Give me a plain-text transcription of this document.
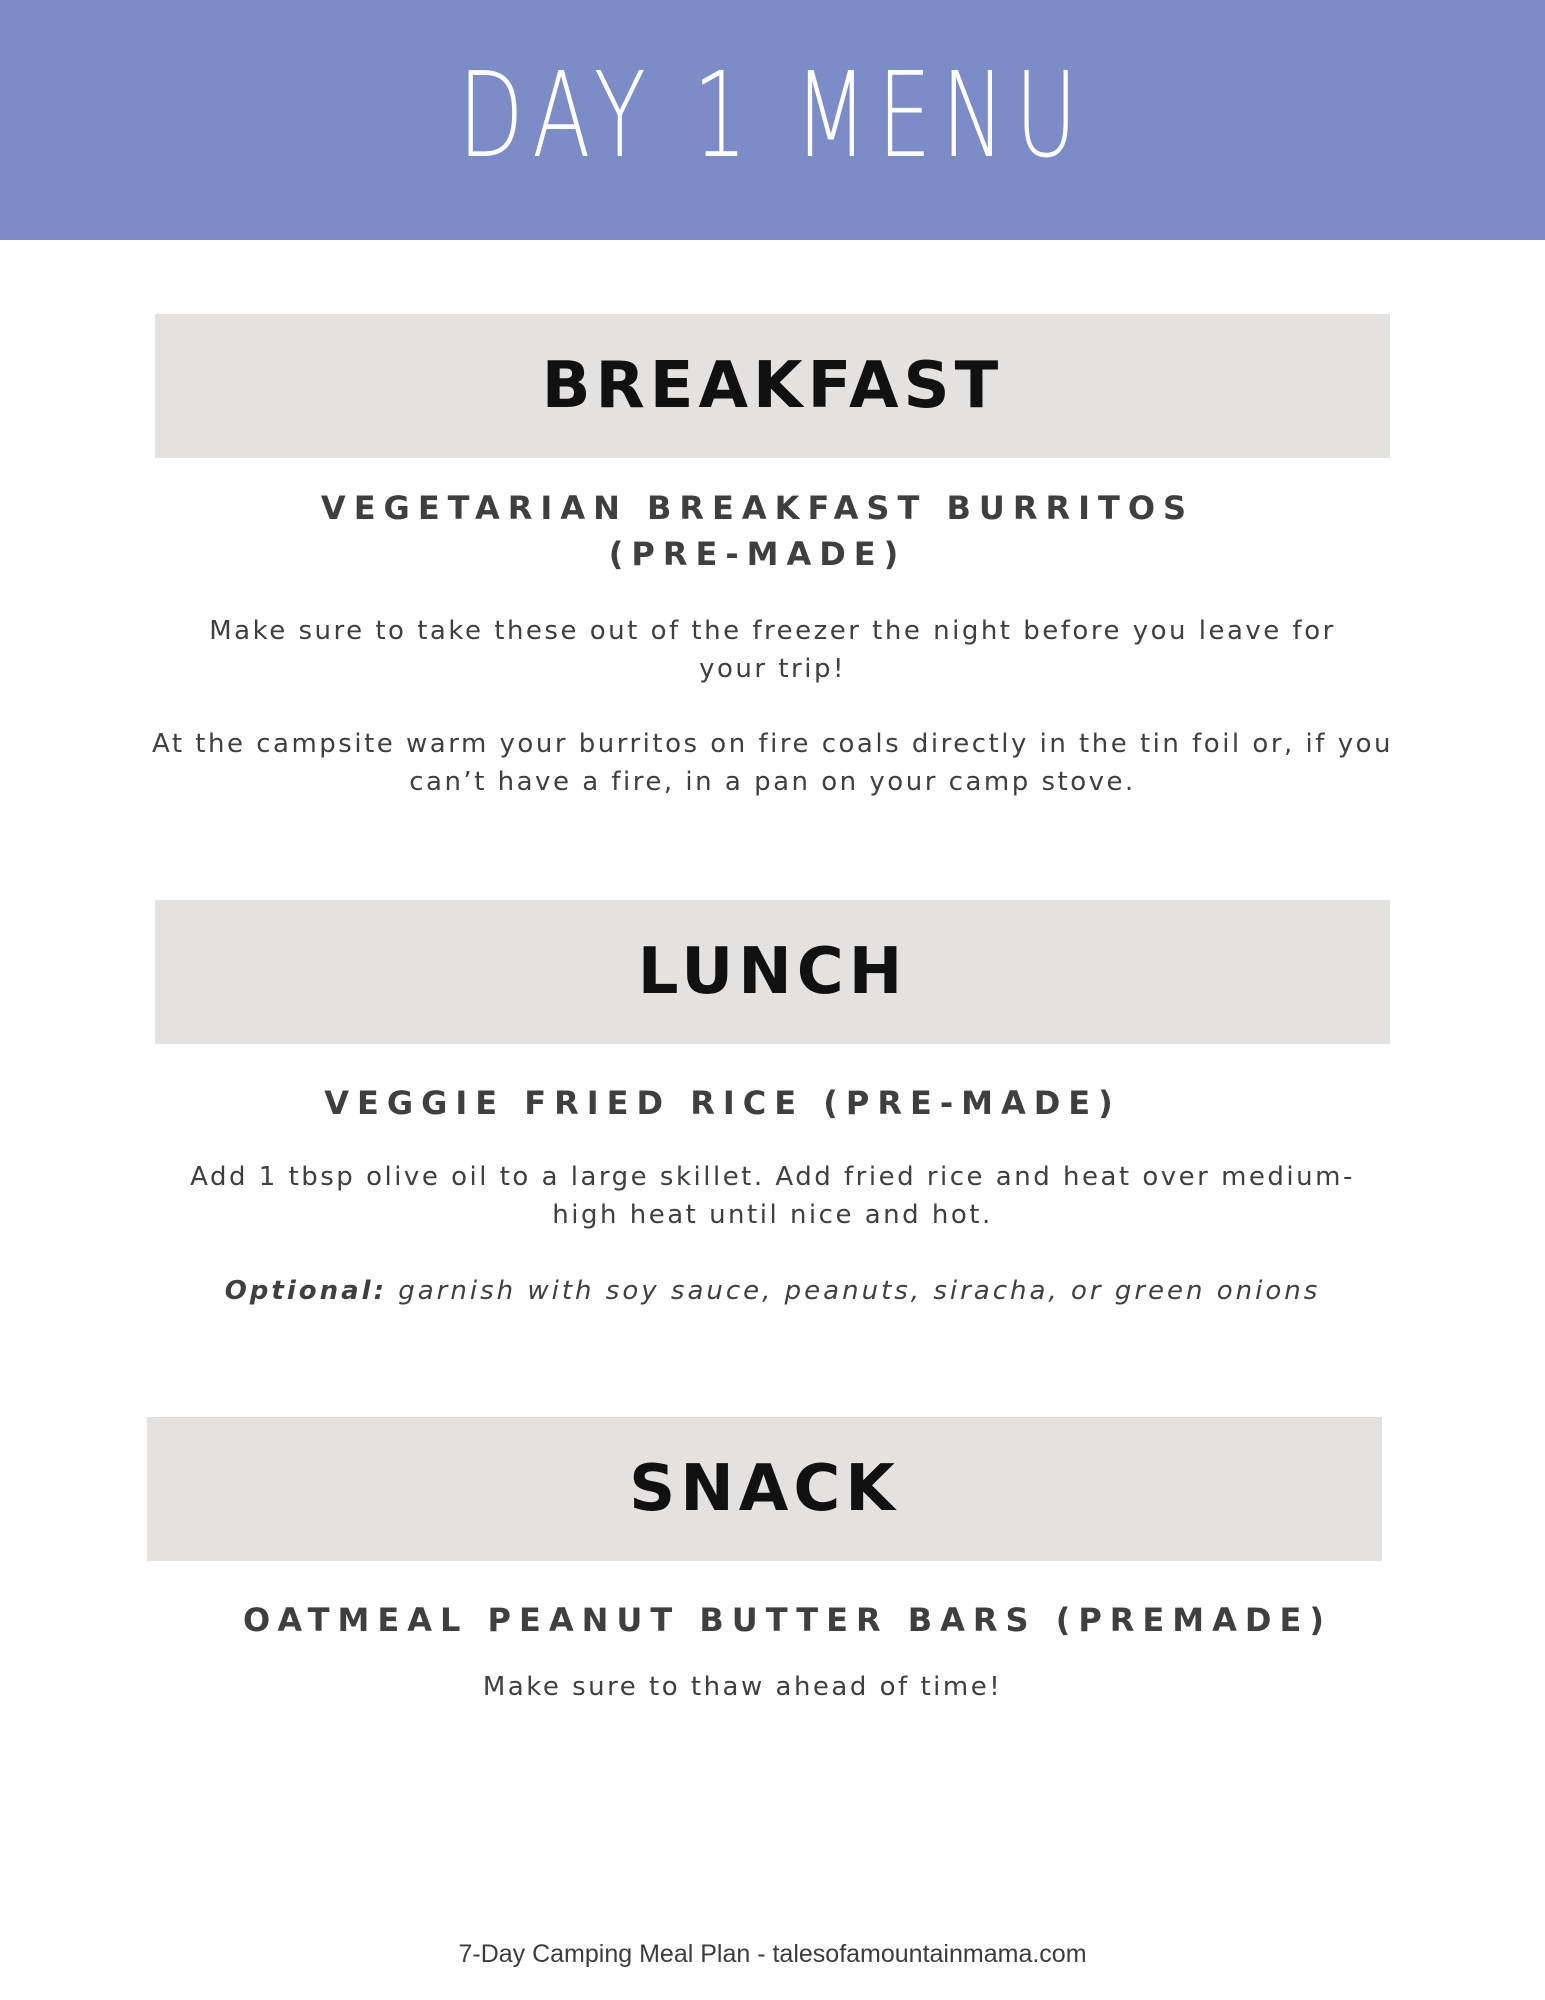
DAY 1 MENU
BREAKFAST
VEGETARIAN BREAKFAST BURRITOS
(PRE-MADE)
Make sure to take these out of the freezer the night before you leave for your trip!
At the campsite warm your burritos on fire coals directly in the tin foil or, if you can’t have a fire, in a pan on your camp stove.
LUNCH
VEGGIE FRIED RICE (PRE-MADE)
Add 1 tbsp olive oil to a large skillet. Add fried rice and heat over medium-high heat until nice and hot.
Optional: garnish with soy sauce, peanuts, siracha, or green onions
SNACK
OATMEAL PEANUT BUTTER BARS (PREMADE)
Make sure to thaw ahead of time!
7-Day Camping Meal Plan - talesofamountainmama.com
